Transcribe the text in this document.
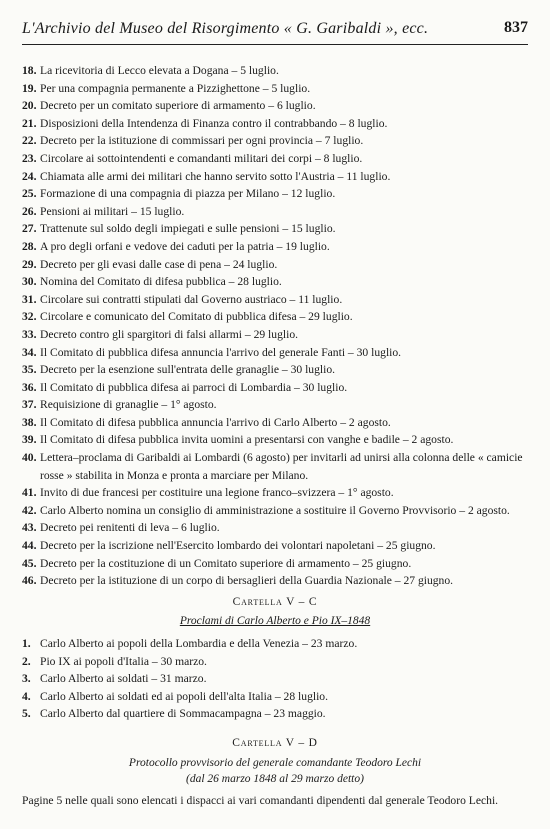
L'Archivio del Museo del Risorgimento « G. Garibaldi », ecc.	837
18. La ricevitoria di Lecco elevata a Dogana – 5 luglio.
19. Per una compagnia permanente a Pizzighettone – 5 luglio.
20. Decreto per un comitato superiore di armamento – 6 luglio.
21. Disposizioni della Intendenza di Finanza contro il contrabbando – 8 luglio.
22. Decreto per la istituzione di commissari per ogni provincia – 7 luglio.
23. Circolare ai sottointendenti e comandanti militari dei corpi – 8 luglio.
24. Chiamata alle armi dei militari che hanno servito sotto l'Austria – 11 luglio.
25. Formazione di una compagnia di piazza per Milano – 12 luglio.
26. Pensioni ai militari – 15 luglio.
27. Trattenute sul soldo degli impiegati e sulle pensioni – 15 luglio.
28. A pro degli orfani e vedove dei caduti per la patria – 19 luglio.
29. Decreto per gli evasi dalle case di pena – 24 luglio.
30. Nomina del Comitato di difesa pubblica – 28 luglio.
31. Circolare sui contratti stipulati dal Governo austriaco – 11 luglio.
32. Circolare e comunicato del Comitato di pubblica difesa – 29 luglio.
33. Decreto contro gli spargitori di falsi allarmi – 29 luglio.
34. Il Comitato di pubblica difesa annuncia l'arrivo del generale Fanti – 30 luglio.
35. Decreto per la esenzione sull'entrata delle granaglie – 30 luglio.
36. Il Comitato di pubblica difesa ai parroci di Lombardia – 30 luglio.
37. Requisizione di granaglie – 1° agosto.
38. Il Comitato di difesa pubblica annuncia l'arrivo di Carlo Alberto – 2 agosto.
39. Il Comitato di difesa pubblica invita uomini a presentarsi con vanghe e badile – 2 agosto.
40. Lettera–proclama di Garibaldi ai Lombardi (6 agosto) per invitarli ad unirsi alla colonna delle « camicie rosse » stabilita in Monza e pronta a marciare per Milano.
41. Invito di due francesi per costituire una legione franco–svizzera – 1° agosto.
42. Carlo Alberto nomina un consiglio di amministrazione a sostituire il Governo Provvisorio – 2 agosto.
43. Decreto pei renitenti di leva – 6 luglio.
44. Decreto per la iscrizione nell'Esercito lombardo dei volontari napoletani – 25 giugno.
45. Decreto per la costituzione di un Comitato superiore di armamento – 25 giugno.
46. Decreto per la istituzione di un corpo di bersaglieri della Guardia Nazionale – 27 giugno.
Cartella V – C
Proclami di Carlo Alberto e Pio IX–1848
1. Carlo Alberto ai popoli della Lombardia e della Venezia – 23 marzo.
2. Pio IX ai popoli d'Italia – 30 marzo.
3. Carlo Alberto ai soldati – 31 marzo.
4. Carlo Alberto ai soldati ed ai popoli dell'alta Italia – 28 luglio.
5. Carlo Alberto dal quartiere di Sommacampagna – 23 maggio.
Cartella V – D
Protocollo provvisorio del generale comandante Teodoro Lechi
(dal 26 marzo 1848 al 29 marzo detto)
Pagine 5 nelle quali sono elencati i dispacci ai vari comandanti dipendenti dal generale Teodoro Lechi.
